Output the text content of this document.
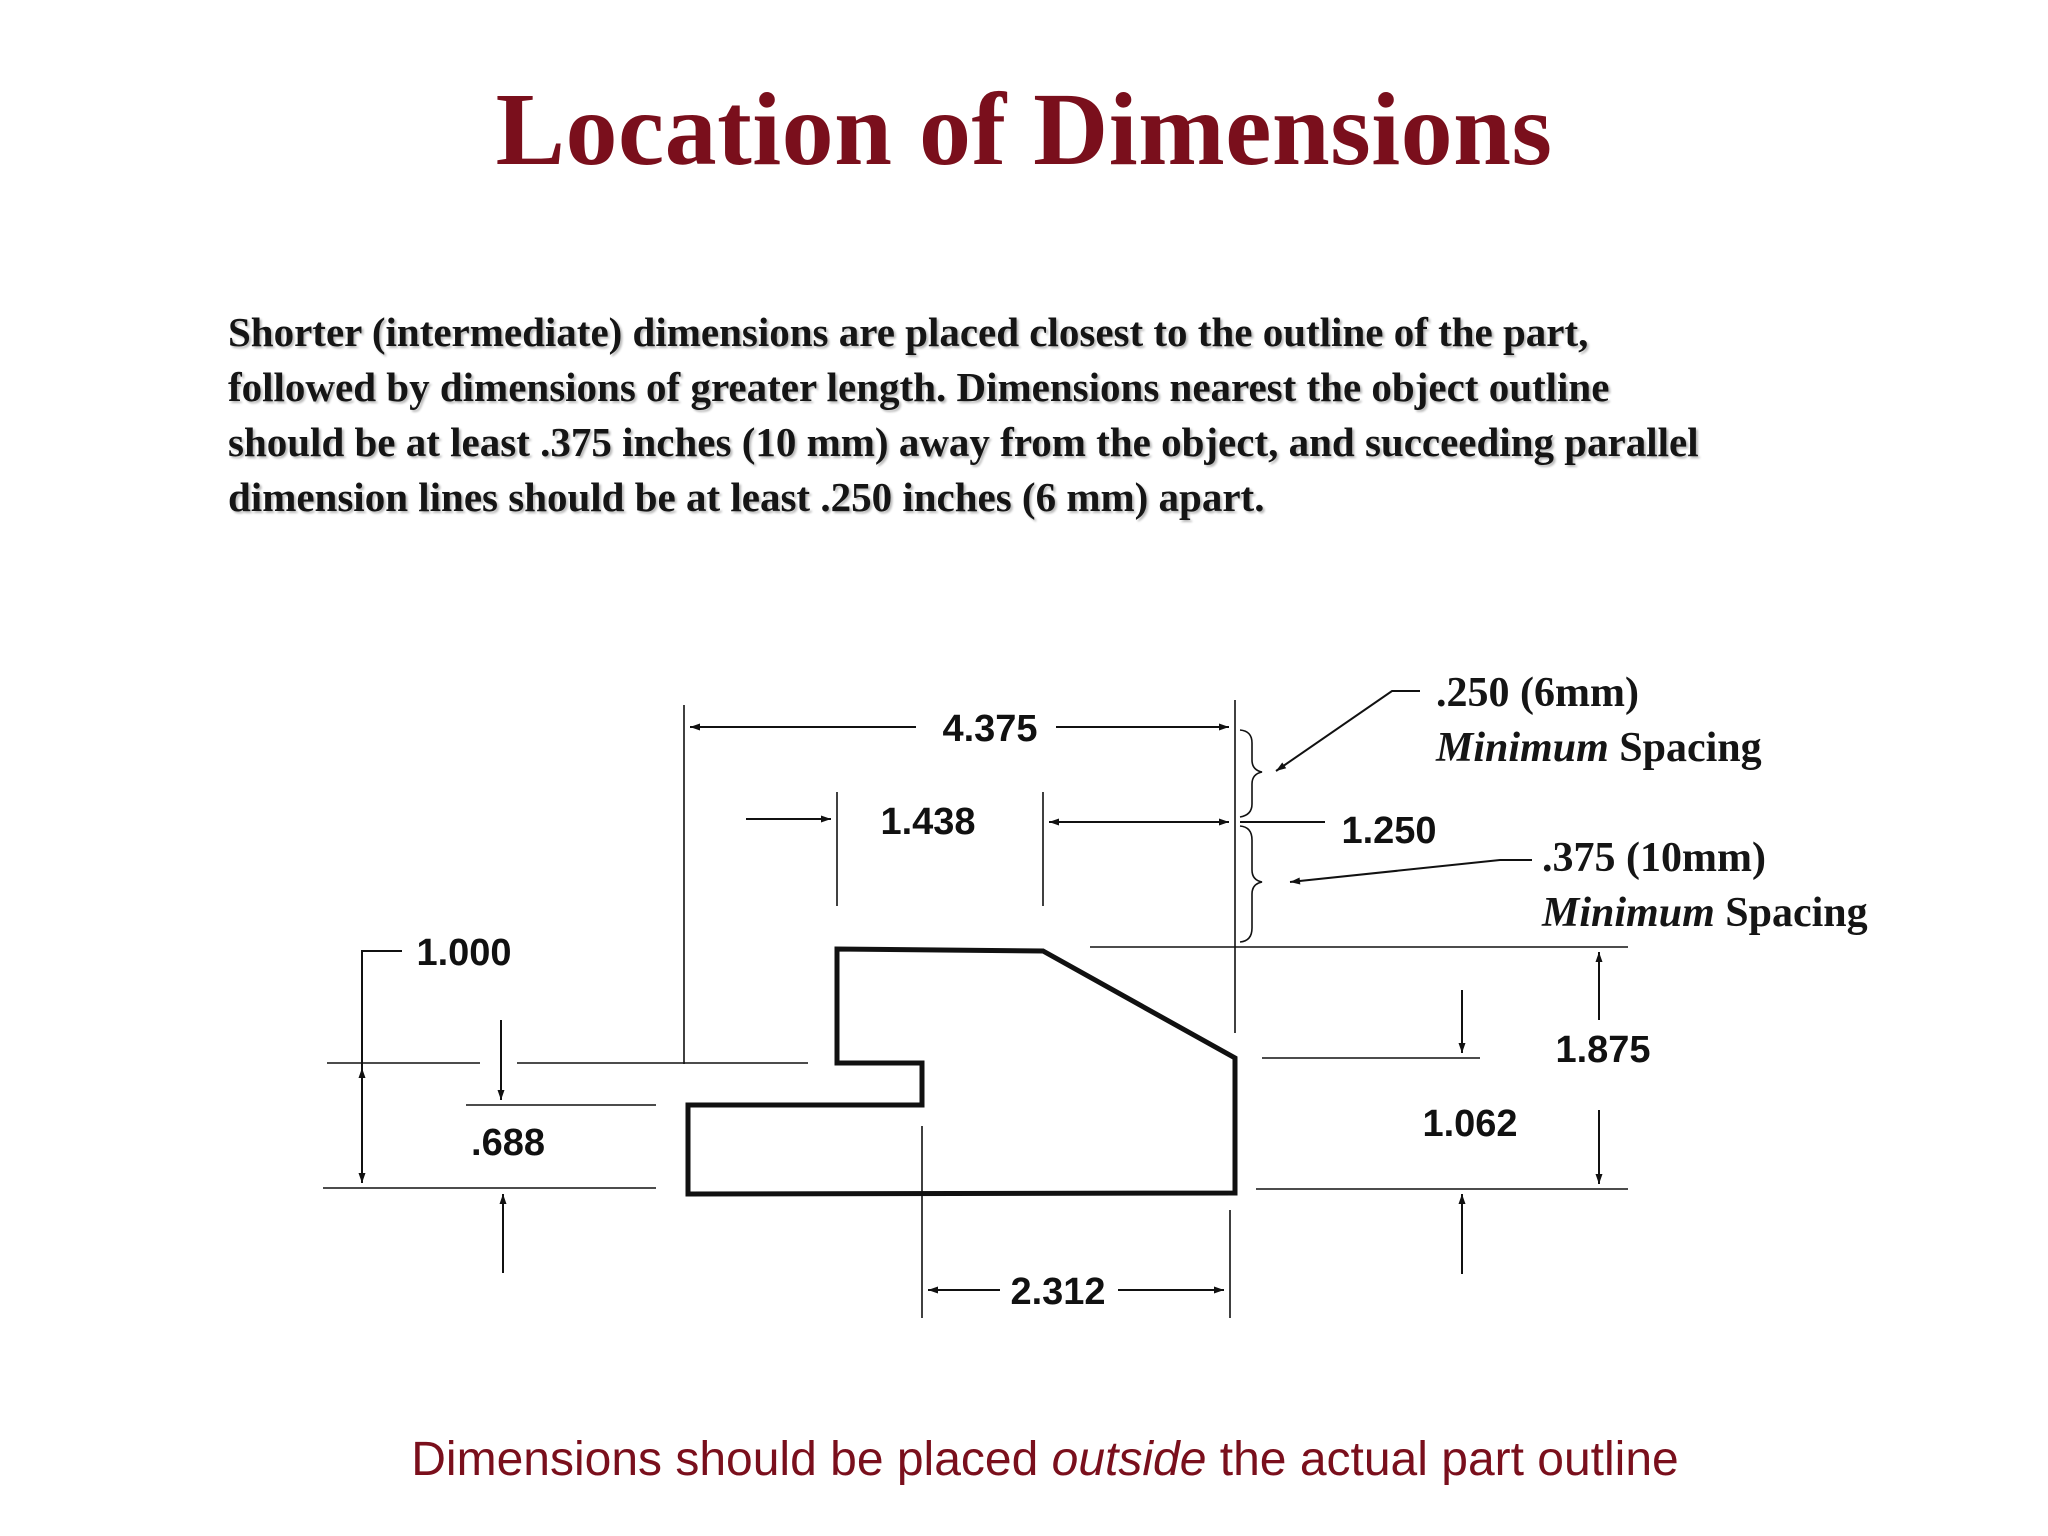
Location of Dimensions
Shorter (intermediate) dimensions are placed closest to the outline of the part,
followed by dimensions of greater length. Dimensions nearest the object outline
should be at least .375 inches (10 mm) away from the object, and succeeding parallel
dimension lines should be at least .250 inches (6 mm) apart.
4.375
1.438	1.250
1.000
.688
1.875
1.062
2.312
.250 (6mm)
Minimum Spacing
.375 (10mm)
Minimum Spacing
Dimensions should be placed outside the actual part outline
